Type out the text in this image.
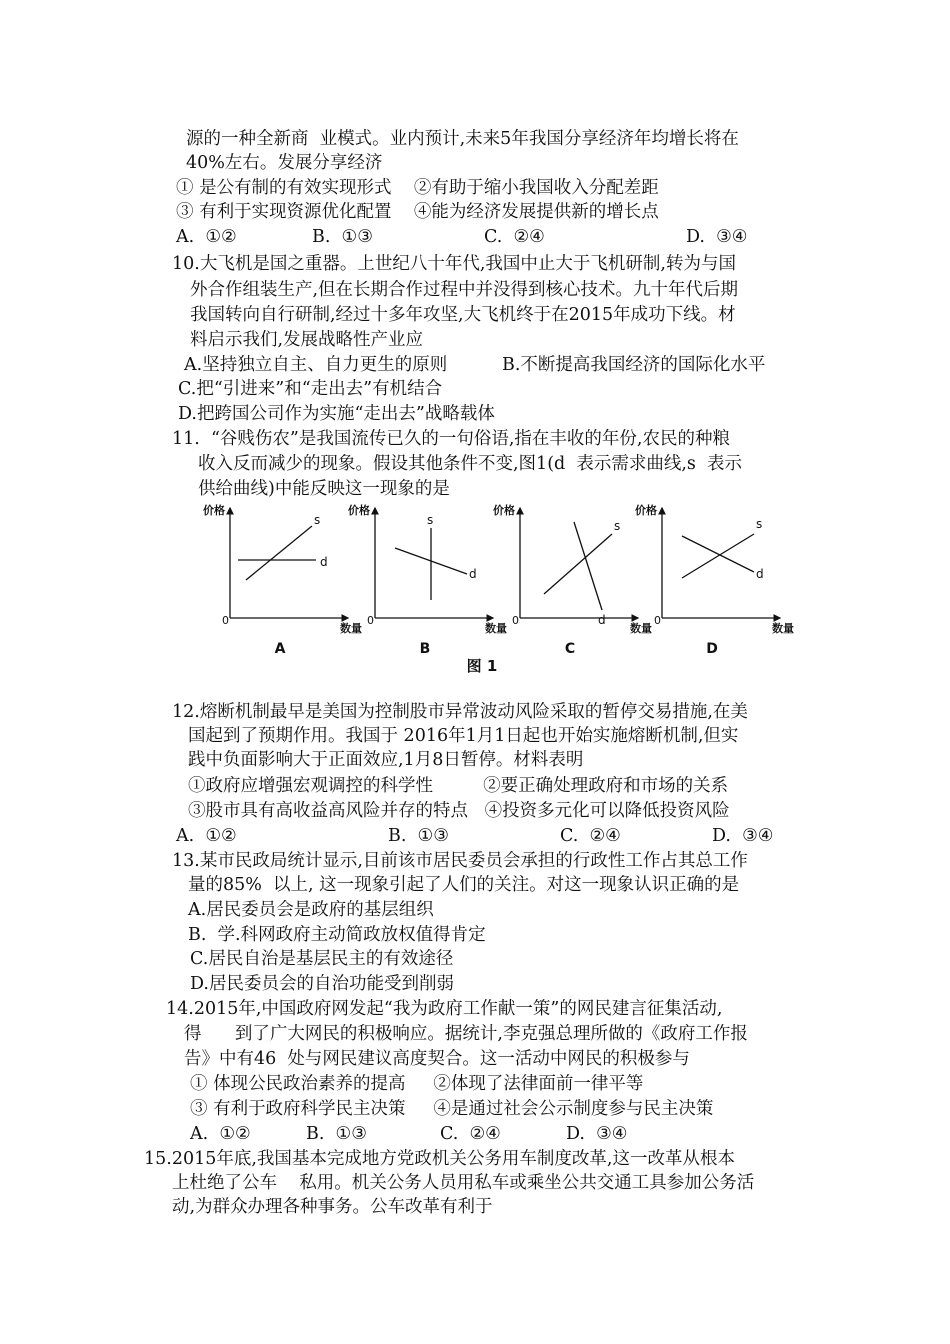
源的一种全新商  业模式。业内预计,未来5年我国分享经济年均增长将在
40%左右。发展分享经济
① 是公有制的有效实现形式    ②有助于缩小我国收入分配差距
③ 有利于实现资源优化配置    ④能为经济发展提供新的增长点
A.  ①②	B.  ①③	C.  ②④	D.  ③④
10.大飞机是国之重器。上世纪八十年代,我国中止大于飞机研制,转为与国
外合作组装生产,但在长期合作过程中并没得到核心技术。九十年代后期
我国转向自行研制,经过十多年攻坚,大飞机终于在2015年成功下线。材
料启示我们,发展战略性产业应
A.坚持独立自主、自力更生的原则	B.不断提高我国经济的国际化水平
C.把“引进来”和“走出去”有机结合
D.把跨国公司作为实施“走出去”战略载体
11.  “谷贱伤农”是我国流传已久的一句俗语,指在丰收的年份,农民的种粮
收入反而减少的现象。假设其他条件不变,图1(d  表示需求曲线,s  表示
供给曲线)中能反映这一现象的是
价格
数量
0
s
d
A
价格
数量
0
s
d
B
价格
数量
0
s
d
C
价格
数量
0
s
d
D
图 1
12.熔断机制最早是美国为控制股市异常波动风险采取的暂停交易措施,在美
国起到了预期作用。我国于 2016年1月1日起也开始实施熔断机制,但实
践中负面影响大于正面效应,1月8日暂停。材料表明
①政府应增强宏观调控的科学性         ②要正确处理政府和市场的关系
③股市具有高收益高风险并存的特点   ④投资多元化可以降低投资风险
A.  ①②	B.  ①③	C.  ②④	D.  ③④
13.某市民政局统计显示,目前该市居民委员会承担的行政性工作占其总工作
量的85%  以上, 这一现象引起了人们的关注。对这一现象认识正确的是
A.居民委员会是政府的基层组织
B.  学.科网政府主动简政放权值得肯定
C.居民自治是基层民主的有效途径
D.居民委员会的自治功能受到削弱
14.2015年,中国政府网发起“我为政府工作献一策”的网民建言征集活动,
得      到了广大网民的积极响应。据统计,李克强总理所做的《政府工作报
告》中有46  处与网民建议高度契合。这一活动中网民的积极参与
① 体现公民政治素养的提高     ②体现了法律面前一律平等
③ 有利于政府科学民主决策     ④是通过社会公示制度参与民主决策
A.  ①②	B.  ①③	C.  ②④	D.  ③④
15.2015年底,我国基本完成地方党政机关公务用车制度改革,这一改革从根本
上杜绝了公车    私用。机关公务人员用私车或乘坐公共交通工具参加公务活
动,为群众办理各种事务。公车改革有利于
